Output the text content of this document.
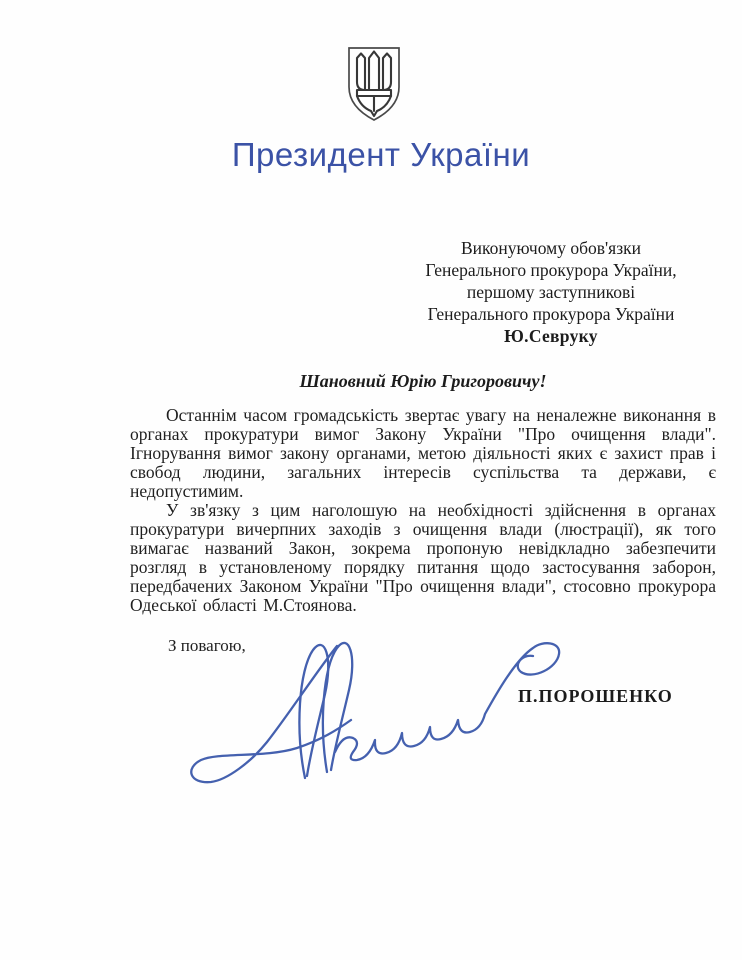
Президент України
Виконуючому обов'язки
Генерального прокурора України,
першому заступникові
Генерального прокурора України
Ю.Севруку
Шановний Юрію Григоровичу!

Останнім часом громадськість звертає увагу на неналежне виконання в органах прокуратури вимог Закону України "Про очищення влади". Ігнорування вимог закону органами, метою діяльності яких є захист прав і свобод людини, загальних інтересів суспільства та держави, є недопустимим.

У зв'язку з цим наголошую на необхідності здійснення в органах прокуратури вичерпних заходів з очищення влади (люстрації), як того вимагає названий Закон, зокрема пропоную невідкладно забезпечити розгляд в установленому порядку питання щодо застосування заборон, передбачених Законом України "Про очищення влади", стосовно прокурора Одеської області М.Стоянова.

З повагою,
П.ПОРОШЕНКО
